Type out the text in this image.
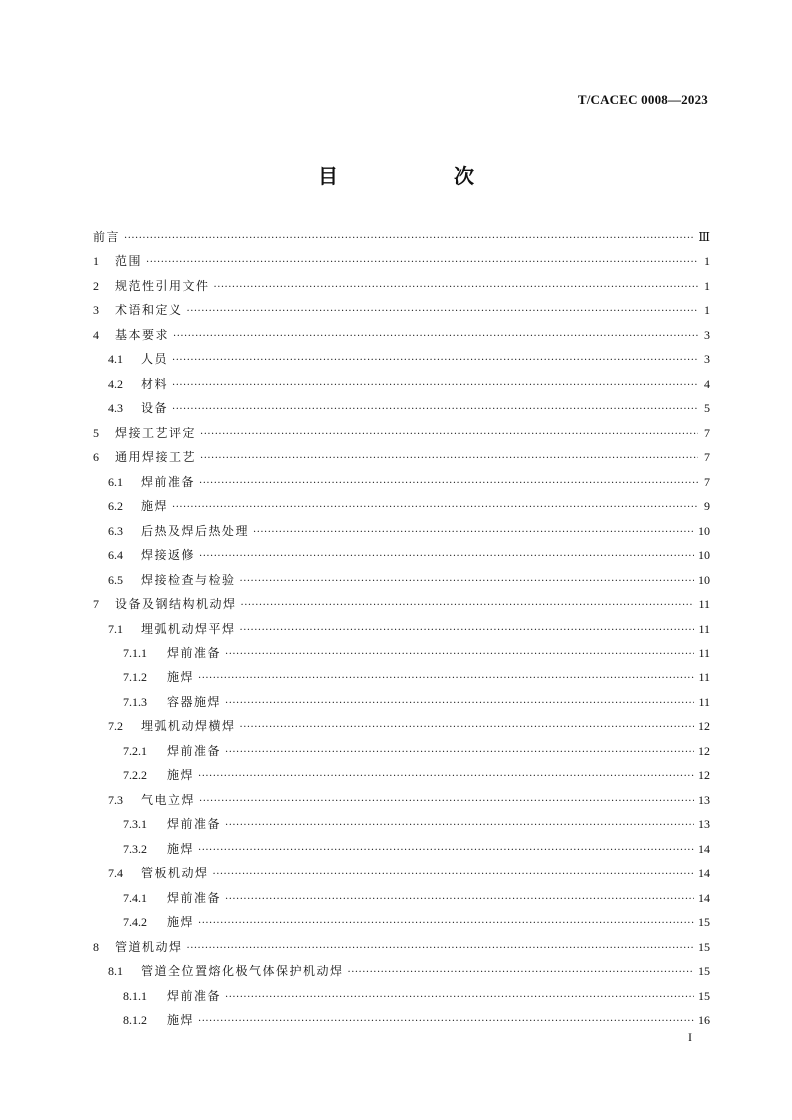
T/CACEC 0008—2023
目　次
前言 ·····	Ⅲ
1	范围 ·····	1
2	规范性引用文件 ·····	1
3	术语和定义 ·····	1
4	基本要求 ·····	3
4.1	人员 ·····	3
4.2	材料 ·····	4
4.3	设备 ·····	5
5	焊接工艺评定 ·····	7
6	通用焊接工艺 ·····	7
6.1	焊前准备 ·····	7
6.2	施焊 ·····	9
6.3	后热及焊后热处理 ·····	10
6.4	焊接返修 ·····	10
6.5	焊接检查与检验 ·····	10
7	设备及钢结构机动焊 ·····	11
7.1	埋弧机动焊平焊 ·····	11
7.1.1	焊前准备 ·····	11
7.1.2	施焊 ·····	11
7.1.3	容器施焊 ·····	11
7.2	埋弧机动焊横焊 ·····	12
7.2.1	焊前准备 ·····	12
7.2.2	施焊 ·····	12
7.3	气电立焊 ·····	13
7.3.1	焊前准备 ·····	13
7.3.2	施焊 ·····	14
7.4	管板机动焊 ·····	14
7.4.1	焊前准备 ·····	14
7.4.2	施焊 ·····	15
8	管道机动焊 ·····	15
8.1	管道全位置熔化极气体保护机动焊 ·····	15
8.1.1	焊前准备 ·····	15
8.1.2	施焊 ·····	16
I
